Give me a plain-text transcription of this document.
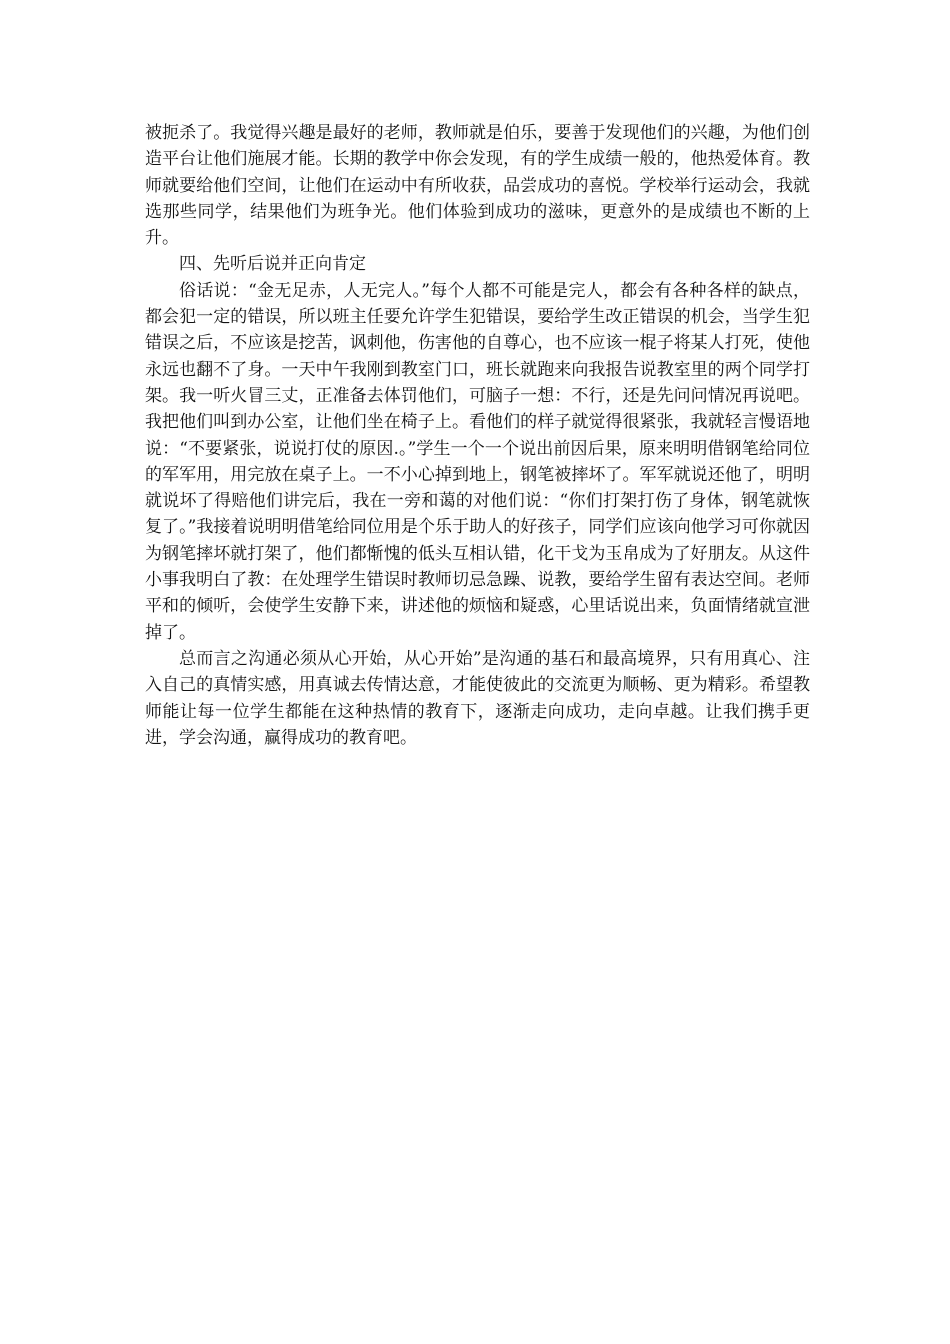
被扼杀了。我觉得兴趣是最好的老师，教师就是伯乐，要善于发现他们的兴趣，为他们创造平台让他们施展才能。长期的教学中你会发现，有的学生成绩一般的，他热爱体育。教师就要给他们空间，让他们在运动中有所收获，品尝成功的喜悦。学校举行运动会，我就选那些同学，结果他们为班争光。他们体验到成功的滋味，更意外的是成绩也不断的上升。

四、先听后说并正向肯定

俗话说：“金无足赤，人无完人。”每个人都不可能是完人，都会有各种各样的缺点，都会犯一定的错误，所以班主任要允许学生犯错误，要给学生改正错误的机会，当学生犯错误之后，不应该是挖苦，讽刺他，伤害他的自尊心，也不应该一棍子将某人打死，使他永远也翻不了身。一天中午我刚到教室门口，班长就跑来向我报告说教室里的两个同学打架。我一听火冒三丈，正准备去体罚他们，可脑子一想：不行，还是先问问情况再说吧。我把他们叫到办公室，让他们坐在椅子上。看他们的样子就觉得很紧张，我就轻言慢语地说：“不要紧张，说说打仗的原因.。”学生一个一个说出前因后果，原来明明借钢笔给同位的军军用，用完放在桌子上。一不小心掉到地上，钢笔被摔坏了。军军就说还他了，明明就说坏了得赔他们讲完后，我在一旁和蔼的对他们说：“你们打架打伤了身体，钢笔就恢复了。”我接着说明明借笔给同位用是个乐于助人的好孩子，同学们应该向他学习可你就因为钢笔摔坏就打架了，他们都惭愧的低头互相认错，化干戈为玉帛成为了好朋友。从这件小事我明白了教：在处理学生错误时教师切忌急躁、说教，要给学生留有表达空间。老师平和的倾听，会使学生安静下来，讲述他的烦恼和疑惑，心里话说出来，负面情绪就宣泄掉了。

总而言之沟通必须从心开始，从心开始”是沟通的基石和最高境界，只有用真心、注入自己的真情实感，用真诚去传情达意，才能使彼此的交流更为顺畅、更为精彩。希望教师能让每一位学生都能在这种热情的教育下，逐渐走向成功，走向卓越。让我们携手更进，学会沟通，赢得成功的教育吧。
